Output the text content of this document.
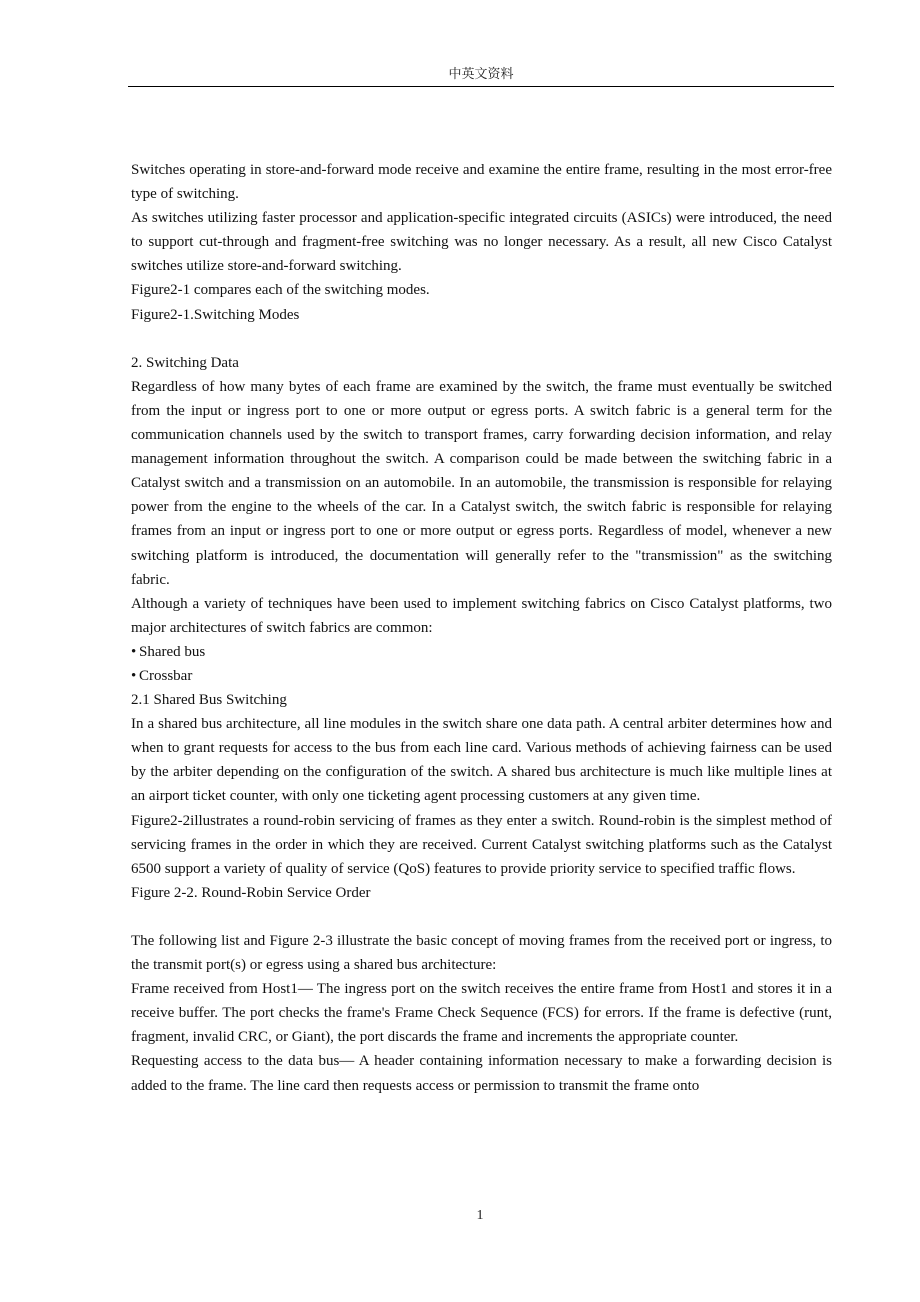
中英文资料

Switches operating in store-and-forward mode receive and examine the entire frame, resulting in the most error-free type of switching.

As switches utilizing faster processor and application-specific integrated circuits (ASICs) were introduced, the need to support cut-through and fragment-free switching was no longer necessary. As a result, all new Cisco Catalyst switches utilize store-and-forward switching.

Figure2-1 compares each of the switching modes.

Figure2-1.Switching Modes

2. Switching Data

Regardless of how many bytes of each frame are examined by the switch, the frame must eventually be switched from the input or ingress port to one or more output or egress ports. A switch fabric is a general term for the communication channels used by the switch to transport frames, carry forwarding decision information, and relay management information throughout the switch. A comparison could be made between the switching fabric in a Catalyst switch and a transmission on an automobile. In an automobile, the transmission is responsible for relaying power from the engine to the wheels of the car. In a Catalyst switch, the switch fabric is responsible for relaying frames from an input or ingress port to one or more output or egress ports. Regardless of model, whenever a new switching platform is introduced, the documentation will generally refer to the "transmission" as the switching fabric.

Although a variety of techniques have been used to implement switching fabrics on Cisco Catalyst platforms, two major architectures of switch fabrics are common:

• Shared bus

• Crossbar

2.1 Shared Bus Switching

In a shared bus architecture, all line modules in the switch share one data path. A central arbiter determines how and when to grant requests for access to the bus from each line card. Various methods of achieving fairness can be used by the arbiter depending on the configuration of the switch. A shared bus architecture is much like multiple lines at an airport ticket counter, with only one ticketing agent processing customers at any given time.

Figure2-2illustrates a round-robin servicing of frames as they enter a switch. Round-robin is the simplest method of servicing frames in the order in which they are received. Current Catalyst switching platforms such as the Catalyst 6500 support a variety of quality of service (QoS) features to provide priority service to specified traffic flows.

Figure 2-2. Round-Robin Service Order

The following list and Figure 2-3 illustrate the basic concept of moving frames from the received port or ingress, to the transmit port(s) or egress using a shared bus architecture:

Frame received from Host1— The ingress port on the switch receives the entire frame from Host1 and stores it in a receive buffer. The port checks the frame's Frame Check Sequence (FCS) for errors. If the frame is defective (runt, fragment, invalid CRC, or Giant), the port discards the frame and increments the appropriate counter.

Requesting access to the data bus— A header containing information necessary to make a forwarding decision is added to the frame. The line card then requests access or permission to transmit the frame onto

1
